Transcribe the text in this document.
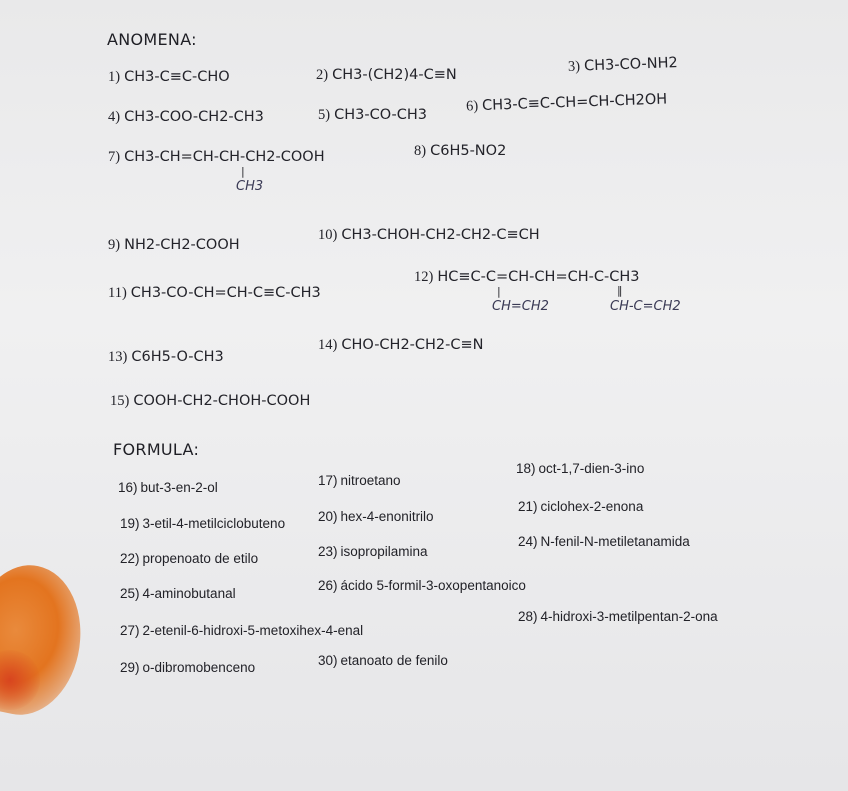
ANOMENA:
1) CH3-C≡C-CHO	2) CH3-(CH2)4-C≡N
3) CH3-CO-NH2
4) CH3-COO-CH2-CH3	5) CH3-CO-CH3
6) CH3-C≡C-CH=CH-CH2OH
7) CH3-CH=CH-CH-CH2-COOH
|
CH3
8) C6H5-NO2
9) NH2-CH2-COOH
10) CH3-CHOH-CH2-CH2-C≡CH
11) CH3-CO-CH=CH-C≡C-CH3
12) HC≡C-C=CH-CH=CH-C-CH3
|
CH=CH2
‖
CH-C=CH2
13) C6H5-O-CH3
14) CHO-CH2-CH2-C≡N
15) COOH-CH2-CHOH-COOH
FORMULA:
16) but-3-en-2-ol	17) nitroetano
18) oct-1,7-dien-3-ino
19) 3-etil-4-metilciclobuteno 20) hex-4-enonitrilo
21) ciclohex-2-enona
22) propenoato de etilo	23) isopropilamina
24) N-fenil-N-metiletanamida
25) 4-aminobutanal
26) ácido 5-formil-3-oxopentanoico
27) 2-etenil-6-hidroxi-5-metoxihex-4-enal
28) 4-hidroxi-3-metilpentan-2-ona
29) o-dibromobenceno	30) etanoato de fenilo
